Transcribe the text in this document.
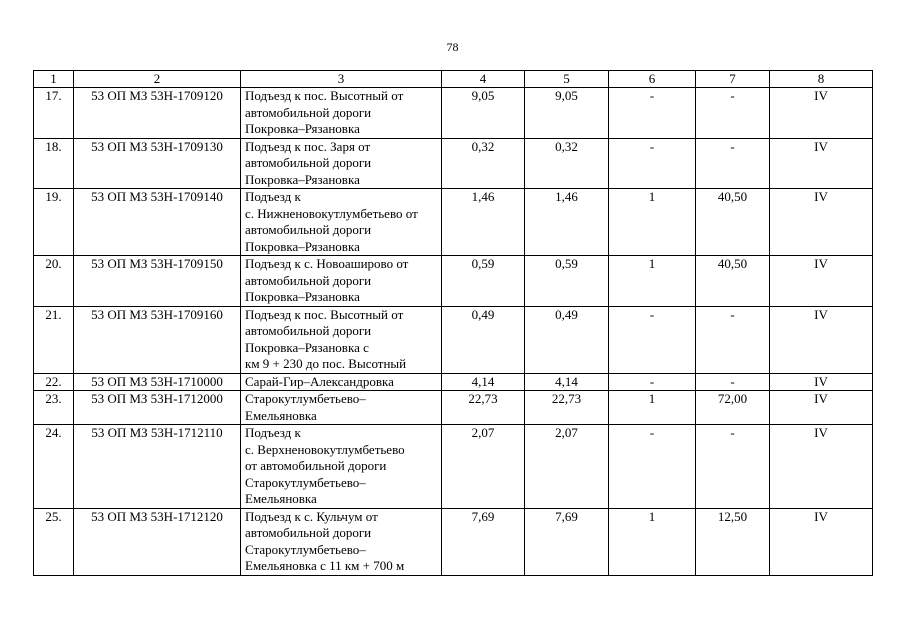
78
1	2	3	4	5	6	7	8
17.	53 ОП МЗ 53Н-1709120	Подъезд к пос. Высотный от
автомобильной дороги
Покровка–Рязановка	9,05	9,05	-	-	IV
18.	53 ОП МЗ 53Н-1709130	Подъезд к пос. Заря от
автомобильной дороги
Покровка–Рязановка	0,32	0,32	-	-	IV
19.	53 ОП МЗ 53Н-1709140	Подъезд к
с. Нижненовокутлумбетьево от
автомобильной дороги
Покровка–Рязановка	1,46	1,46	1	40,50	IV
20.	53 ОП МЗ 53Н-1709150	Подъезд к с. Новоаширово от
автомобильной дороги
Покровка–Рязановка	0,59	0,59	1	40,50	IV
21.	53 ОП МЗ 53Н-1709160	Подъезд к пос. Высотный от
автомобильной дороги
Покровка–Рязановка с
км 9 + 230 до пос. Высотный	0,49	0,49	-	-	IV
22.	53 ОП МЗ 53Н-1710000	Сарай-Гир–Александровка	4,14	4,14	-	-	IV
23.	53 ОП МЗ 53Н-1712000	Старокутлумбетьево–
Емельяновка	22,73	22,73	1	72,00	IV
24.	53 ОП МЗ 53Н-1712110	Подъезд к
с. Верхненовокутлумбетьево
от автомобильной дороги
Старокутлумбетьево–
Емельяновка	2,07	2,07	-	-	IV
25.	53 ОП МЗ 53Н-1712120	Подъезд к с. Кульчум от
автомобильной дороги
Старокутлумбетьево–
Емельяновка с 11 км + 700 м	7,69	7,69	1	12,50	IV
